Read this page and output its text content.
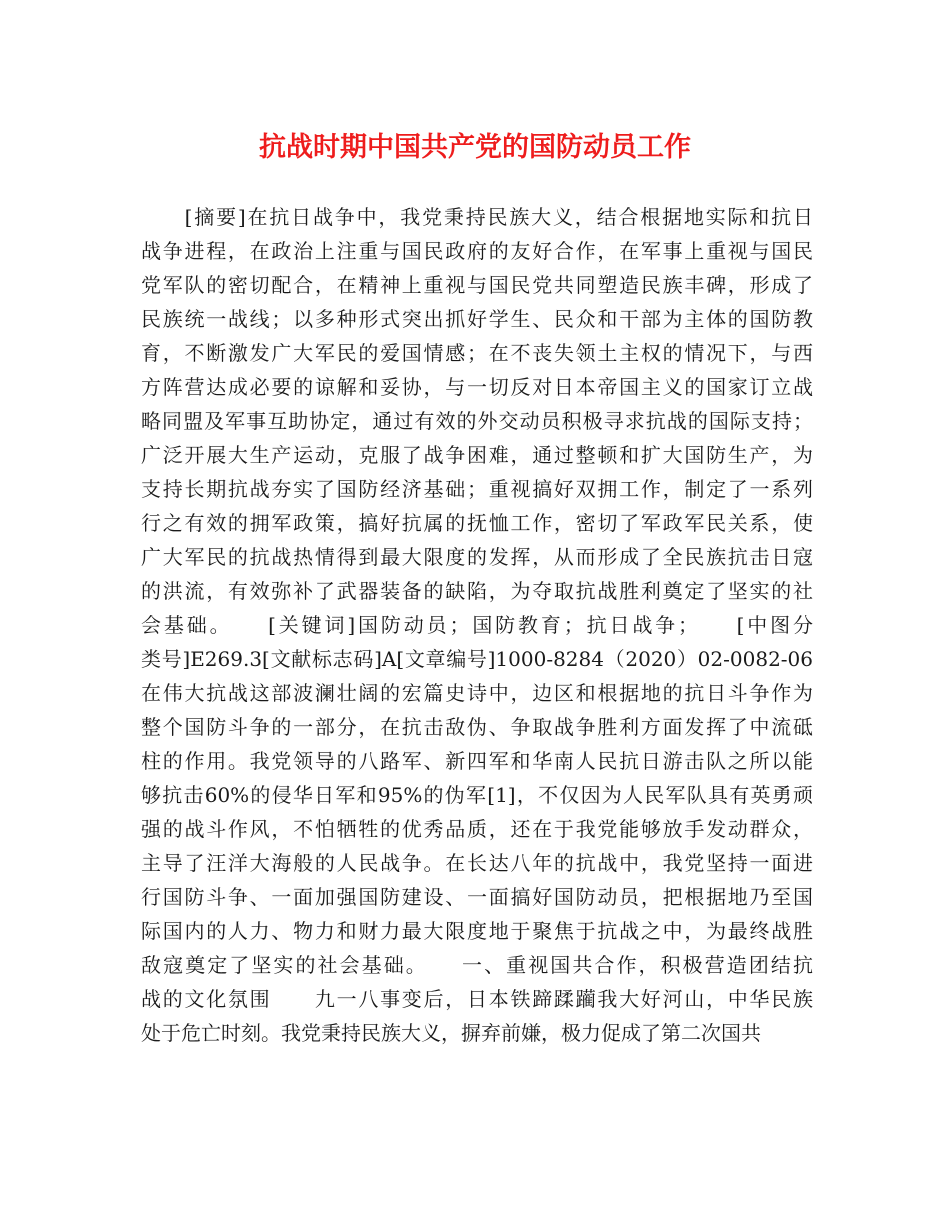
抗战时期中国共产党的国防动员工作
　　[摘要]在抗日战争中，我党秉持民族大义，结合根据地实际和抗日
战争进程，在政治上注重与国民政府的友好合作，在军事上重视与国民
党军队的密切配合，在精神上重视与国民党共同塑造民族丰碑，形成了
民族统一战线；以多种形式突出抓好学生、民众和干部为主体的国防教
育，不断激发广大军民的爱国情感；在不丧失领土主权的情况下，与西
方阵营达成必要的谅解和妥协，与一切反对日本帝国主义的国家订立战
略同盟及军事互助协定，通过有效的外交动员积极寻求抗战的国际支持；
广泛开展大生产运动，克服了战争困难，通过整顿和扩大国防生产，为
支持长期抗战夯实了国防经济基础；重视搞好双拥工作，制定了一系列
行之有效的拥军政策，搞好抗属的抚恤工作，密切了军政军民关系，使
广大军民的抗战热情得到最大限度的发挥，从而形成了全民族抗击日寇
的洪流，有效弥补了武器装备的缺陷，为夺取抗战胜利奠定了坚实的社
会基础。　　[关键词]国防动员；国防教育；抗日战争；　　[中图分
类号]E269.3[文献标志码]A[文章编号]1000-8284（2020）02-0082-06
在伟大抗战这部波澜壮阔的宏篇史诗中，边区和根据地的抗日斗争作为
整个国防斗争的一部分，在抗击敌伪、争取战争胜利方面发挥了中流砥
柱的作用。我党领导的八路军、新四军和华南人民抗日游击队之所以能
够抗击60%的侵华日军和95%的伪军[1]，不仅因为人民军队具有英勇顽
强的战斗作风，不怕牺牲的优秀品质，还在于我党能够放手发动群众，
主导了汪洋大海般的人民战争。在长达八年的抗战中，我党坚持一面进
行国防斗争、一面加强国防建设、一面搞好国防动员，把根据地乃至国
际国内的人力、物力和财力最大限度地于聚焦于抗战之中，为最终战胜
敌寇奠定了坚实的社会基础。　　一、重视国共合作，积极营造团结抗
战的文化氛围　　九一八事变后，日本铁蹄蹂躏我大好河山，中华民族
处于危亡时刻。我党秉持民族大义，摒弃前嫌，极力促成了第二次国共
